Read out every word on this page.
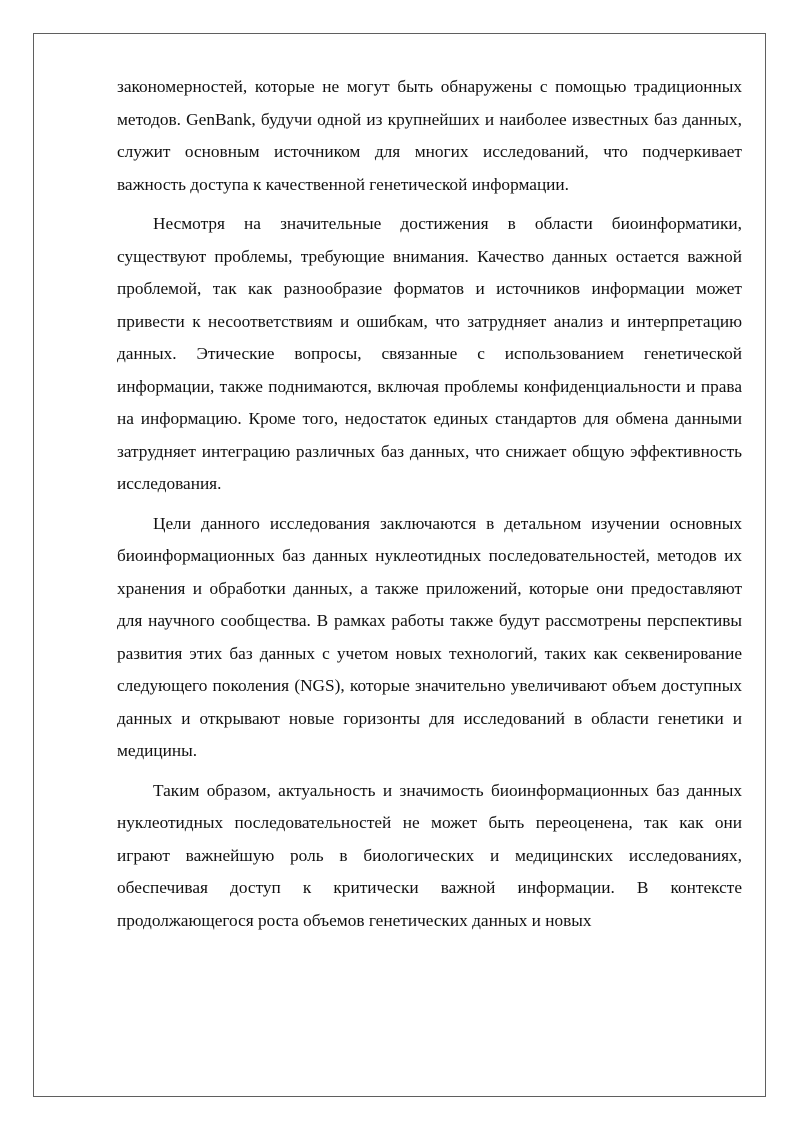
закономерностей, которые не могут быть обнаружены с помощью традиционных методов. GenBank, будучи одной из крупнейших и наиболее известных баз данных, служит основным источником для многих исследований, что подчеркивает важность доступа к качественной генетической информации.

Несмотря на значительные достижения в области биоинформатики, существуют проблемы, требующие внимания. Качество данных остается важной проблемой, так как разнообразие форматов и источников информации может привести к несоответствиям и ошибкам, что затрудняет анализ и интерпретацию данных. Этические вопросы, связанные с использованием генетической информации, также поднимаются, включая проблемы конфиденциальности и права на информацию. Кроме того, недостаток единых стандартов для обмена данными затрудняет интеграцию различных баз данных, что снижает общую эффективность исследования.

Цели данного исследования заключаются в детальном изучении основных биоинформационных баз данных нуклеотидных последовательностей, методов их хранения и обработки данных, а также приложений, которые они предоставляют для научного сообщества. В рамках работы также будут рассмотрены перспективы развития этих баз данных с учетом новых технологий, таких как секвенирование следующего поколения (NGS), которые значительно увеличивают объем доступных данных и открывают новые горизонты для исследований в области генетики и медицины.

Таким образом, актуальность и значимость биоинформационных баз данных нуклеотидных последовательностей не может быть переоценена, так как они играют важнейшую роль в биологических и медицинских исследованиях, обеспечивая доступ к критически важной информации. В контексте продолжающегося роста объемов генетических данных и новых
